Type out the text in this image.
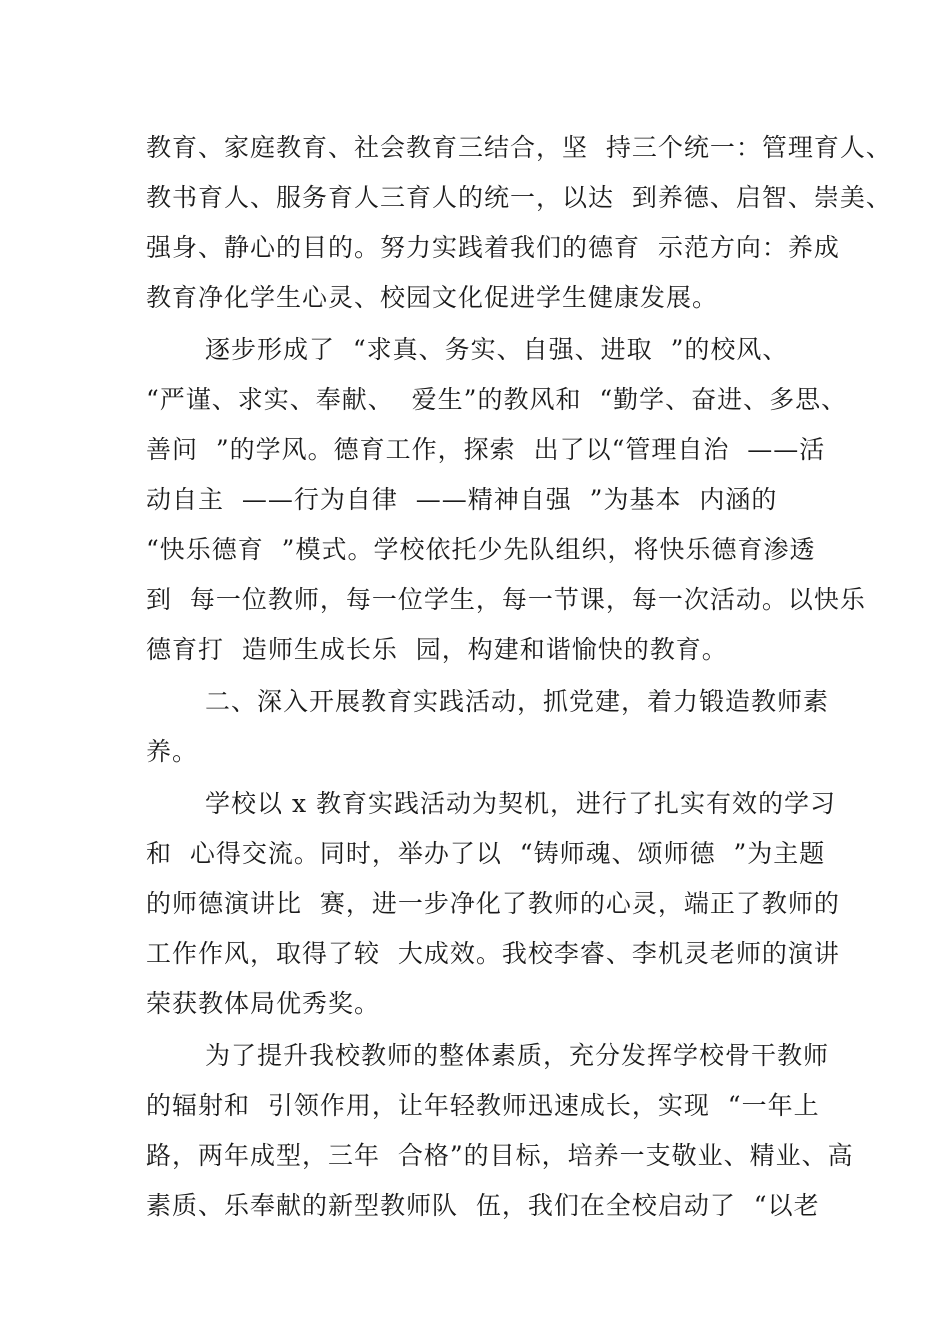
教育、家庭教育、社会教育三结合，坚  持三个统一：管理育人、
教书育人、服务育人三育人的统一，以达  到养德、启智、崇美、
强身、静心的目的。努力实践着我们的德育  示范方向：养成
教育净化学生心灵、校园文化促进学生健康发展。
逐步形成了  “求真、务实、自强、进取  ”的校风、
“严谨、求实、奉献、  爱生”的教风和  “勤学、奋进、多思、
善问  ”的学风。德育工作，探索  出了以“管理自治  ——活
动自主  ——行为自律  ——精神自强  ”为基本  内涵的
“快乐德育  ”模式。学校依托少先队组织，将快乐德育渗透
到  每一位教师，每一位学生，每一节课，每一次活动。以快乐
德育打  造师生成长乐  园，构建和谐愉快的教育。
二、深入开展教育实践活动，抓党建，着力锻造教师素
养。
学校以 x 教育实践活动为契机，进行了扎实有效的学习
和  心得交流。同时，举办了以  “铸师魂、颂师德  ”为主题
的师德演讲比  赛，进一步净化了教师的心灵，端正了教师的
工作作风，取得了较  大成效。我校李睿、李机灵老师的演讲
荣获教体局优秀奖。
为了提升我校教师的整体素质，充分发挥学校骨干教师
的辐射和  引领作用，让年轻教师迅速成长，实现  “一年上
路，两年成型，三年  合格”的目标，培养一支敬业、精业、高
素质、乐奉献的新型教师队  伍，我们在全校启动了  “以老
